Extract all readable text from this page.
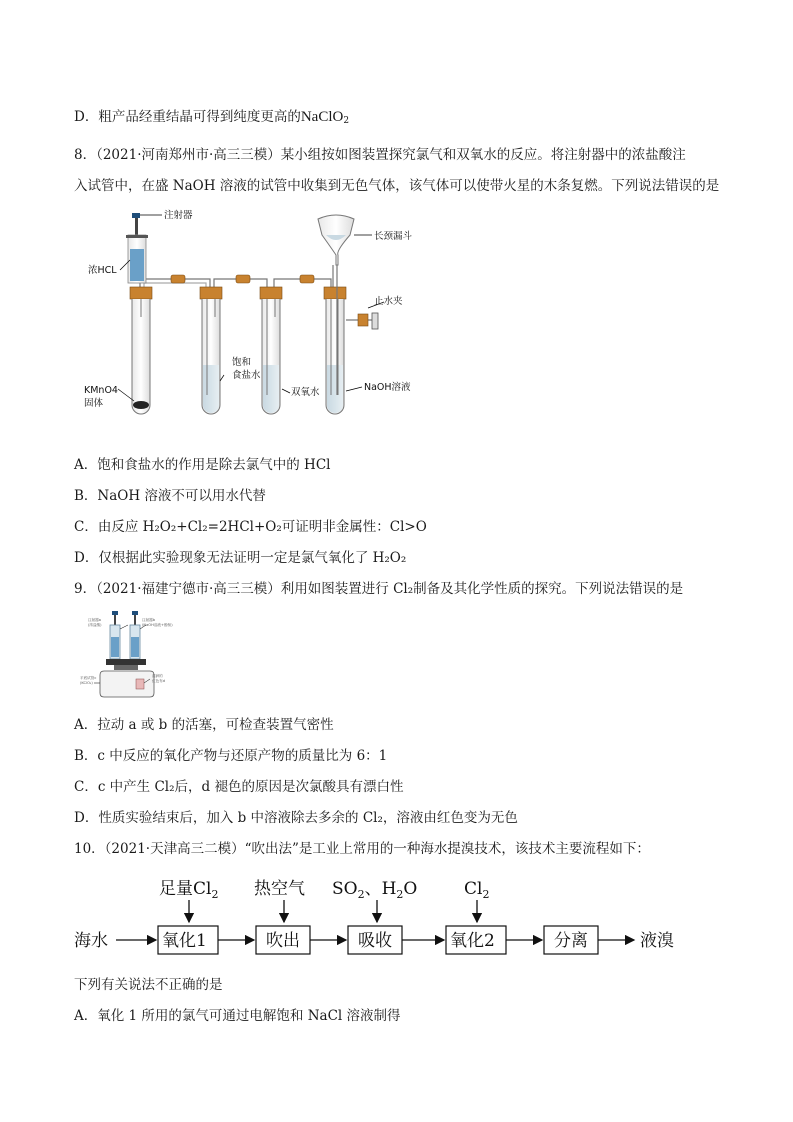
D．粗产品经重结晶可得到纯度更高的NaClO$_2$
8．（2021·河南郑州市·高三三模）某小组按如图装置探究氯气和双氧水的反应。将注射器中的浓盐酸注
入试管中，在盛 NaOH 溶液的试管中收集到无色气体，该气体可以使带火星的木条复燃。下列说法错误的是
注射器
浓HCL
KMnO4
固体
饱和
食盐水
双氧水	NaOH溶液
长颈漏斗
止水夹
A．饱和食盐水的作用是除去氯气中的 HCl
B．NaOH 溶液不可以用水代替
C．由反应 H₂O₂+Cl₂=2HCl+O₂可证明非金属性：Cl>O
D．仅根据此实验现象无法证明一定是氯气氧化了 H₂O₂
9．（2021·福建宁德市·高三三模）利用如图装置进行 Cl₂制备及其化学性质的探究。下列说法错误的是
注射器a
(浓盐酸)
注射器b
(NaOH溶液+酚酞)
平底试管c
(KClO₃)
湿润的
红色布d
A．拉动 a 或 b 的活塞，可检查装置气密性
B．c 中反应的氧化产物与还原产物的质量比为 6：1
C．c 中产生 Cl₂后，d 褪色的原因是次氯酸具有漂白性
D．性质实验结束后，加入 b 中溶液除去多余的 Cl₂，溶液由红色变为无色
10．（2021·天津高三二模）“吹出法”是工业上常用的一种海水提溴技术，该技术主要流程如下：
足量$Cl_2$ 热空气 $SO_2$、$H_2O$	$Cl_2$
海水	氧化1	吹出	吸收	氧化2	分离	液溴
下列有关说法不正确的是
A．氧化 1 所用的氯气可通过电解饱和 NaCl 溶液制得
